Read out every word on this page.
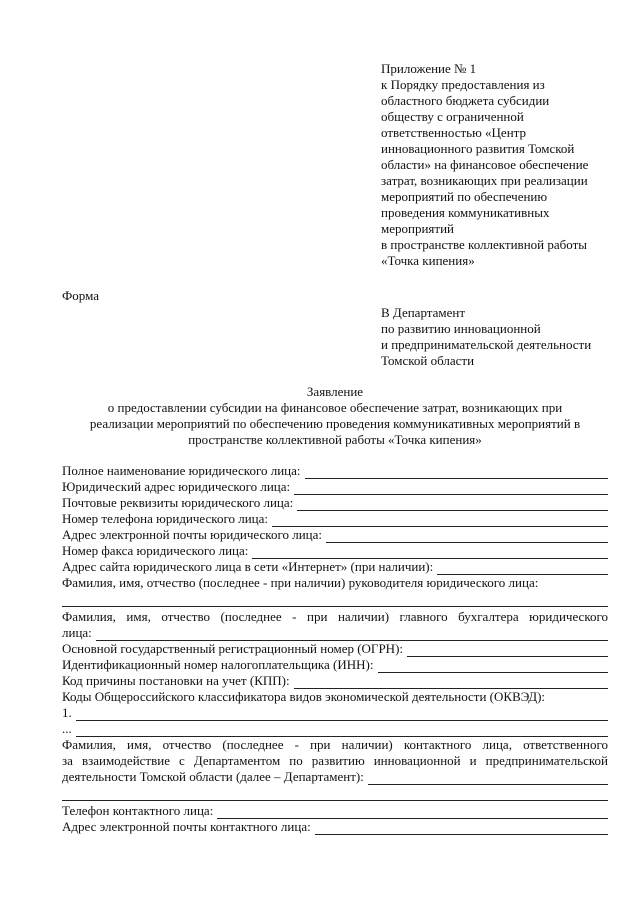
Приложение № 1
к Порядку предоставления из
областного бюджета субсидии
обществу с ограниченной
ответственностью «Центр
инновационного развития Томской
области» на финансовое обеспечение
затрат, возникающих при реализации
мероприятий по обеспечению
проведения коммуникативных
мероприятий
в пространстве коллективной работы
«Точка кипения»
Форма
В Департамент
по развитию инновационной
и предпринимательской деятельности
Томской области
Заявление
о предоставлении субсидии на финансовое обеспечение затрат, возникающих при
реализации мероприятий по обеспечению проведения коммуникативных мероприятий в
пространстве коллективной работы «Точка кипения»
Полное наименование юридического лица:
Юридический адрес юридического лица:
Почтовые реквизиты юридического лица:
Номер телефона юридического лица:
Адрес электронной почты юридического лица:
Номер факса юридического лица:
Адрес сайта юридического лица в сети «Интернет» (при наличии):
Фамилия, имя, отчество (последнее - при наличии) руководителя юридического лица:
Фамилия, имя, отчество (последнее - при наличии) главного бухгалтера юридического
лица:
Основной государственный регистрационный номер (ОГРН):
Идентификационный номер налогоплательщика (ИНН):
Код причины постановки на учет (КПП):
Коды Общероссийского классификатора видов экономической деятельности (ОКВЭД):
1.
...
Фамилия, имя, отчество (последнее - при наличии) контактного лица, ответственного
за взаимодействие с Департаментом по развитию инновационной и предпринимательской
деятельности Томской области (далее – Департамент):
Телефон контактного лица:
Адрес электронной почты контактного лица:
